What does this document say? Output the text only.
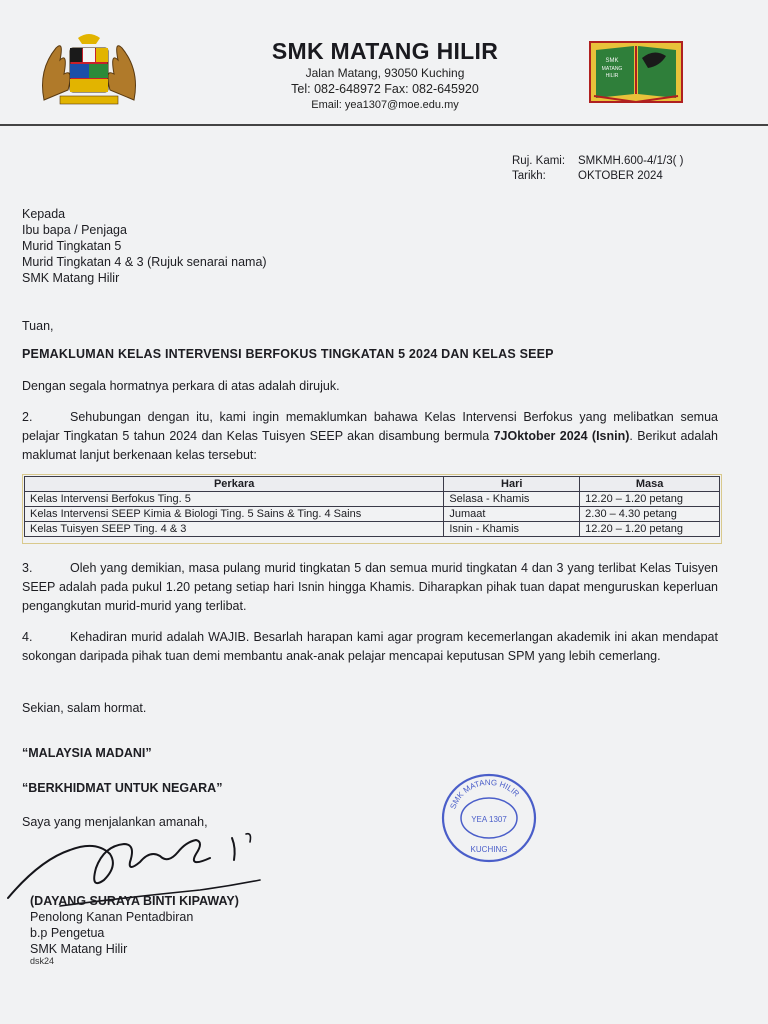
SMK MATANG HILIR
Jalan Matang, 93050 Kuching
Tel: 082-648972 Fax: 082-645920
Email: yea1307@moe.edu.my
SMK
MATANG
HILIR
Ruj. Kami:	SMKMH.600-4/1/3( )
Tarikh:	OKTOBER 2024
Kepada
Ibu bapa / Penjaga
Murid Tingkatan 5
Murid Tingkatan 4 & 3 (Rujuk senarai nama)
SMK Matang Hilir
Tuan,
PEMAKLUMAN KELAS INTERVENSI BERFOKUS TINGKATAN 5 2024 DAN KELAS SEEP
Dengan segala hormatnya perkara di atas adalah dirujuk.
2.	Sehubungan dengan itu, kami ingin memaklumkan bahawa Kelas Intervensi Berfokus yang melibatkan semua pelajar Tingkatan 5 tahun 2024 dan Kelas Tuisyen SEEP akan disambung bermula 7JOktober 2024 (Isnin). Berikut adalah maklumat lanjut berkenaan kelas tersebut:
Perkara	Hari	Masa
Kelas Intervensi Berfokus Ting. 5	Selasa - Khamis	12.20 – 1.20 petang
Kelas Intervensi SEEP Kimia & Biologi Ting. 5 Sains & Ting. 4 Sains	Jumaat	2.30 – 4.30 petang
Kelas Tuisyen SEEP Ting. 4 & 3	Isnin - Khamis	12.20 – 1.20 petang
3.	Oleh yang demikian, masa pulang murid tingkatan 5 dan semua murid tingkatan 4 dan 3 yang terlibat Kelas Tuisyen SEEP adalah pada pukul 1.20 petang setiap hari Isnin hingga Khamis. Diharapkan pihak tuan dapat menguruskan keperluan pengangkutan murid-murid yang terlibat.
4.	Kehadiran murid adalah WAJIB. Besarlah harapan kami agar program kecemerlangan akademik ini akan mendapat sokongan daripada pihak tuan demi membantu anak-anak pelajar mencapai keputusan SPM yang lebih cemerlang.
Sekian, salam hormat.
“MALAYSIA MADANI”
“BERKHIDMAT UNTUK NEGARA”
Saya yang menjalankan amanah,
SMK MATANG HILIR
YEA 1307
KUCHING
(DAYANG SURAYA BINTI KIPAWAY)
Penolong Kanan Pentadbiran
b.p Pengetua
SMK Matang Hilir
dsk24
